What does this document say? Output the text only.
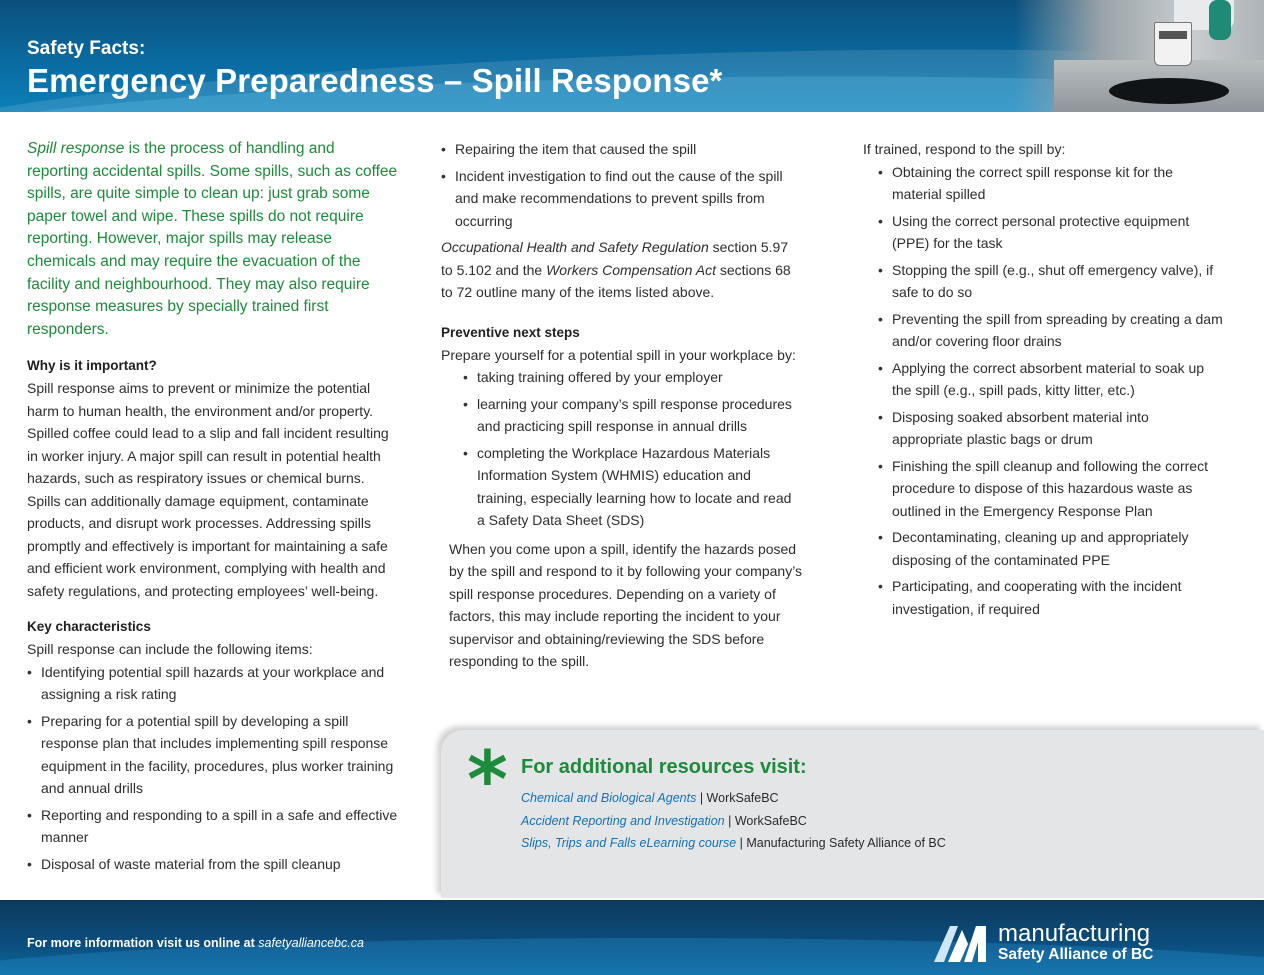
Safety Facts:
Emergency Preparedness – Spill Response*

Spill response is the process of handling and reporting accidental spills. Some spills, such as coffee spills, are quite simple to clean up: just grab some paper towel and wipe. These spills do not require reporting. However, major spills may release chemicals and may require the evacuation of the facility and neighbourhood. They may also require response measures by specially trained first responders.

Why is it important?

Spill response aims to prevent or minimize the potential harm to human health, the environment and/or property. Spilled coffee could lead to a slip and fall incident resulting in worker injury. A major spill can result in potential health hazards, such as respiratory issues or chemical burns. Spills can additionally damage equipment, contaminate products, and disrupt work processes. Addressing spills promptly and effectively is important for maintaining a safe and efficient work environment, complying with health and safety regulations, and protecting employees’ well-being.

Key characteristics

Spill response can include the following items:

• Identifying potential spill hazards at your workplace and assigning a risk rating
• Preparing for a potential spill by developing a spill response plan that includes implementing spill response equipment in the facility, procedures, plus worker training and annual drills
• Reporting and responding to a spill in a safe and effective manner
• Disposal of waste material from the spill cleanup
• Repairing the item that caused the spill
• Incident investigation to find out the cause of the spill and make recommendations to prevent spills from occurring

Occupational Health and Safety Regulation section 5.97 to 5.102 and the Workers Compensation Act sections 68 to 72 outline many of the items listed above.

Preventive next steps

Prepare yourself for a potential spill in your workplace by:

• taking training offered by your employer
• learning your company’s spill response procedures and practicing spill response in annual drills
• completing the Workplace Hazardous Materials Information System (WHMIS) education and training, especially learning how to locate and read a Safety Data Sheet (SDS)

When you come upon a spill, identify the hazards posed by the spill and respond to it by following your company’s spill response procedures. Depending on a variety of factors, this may include reporting the incident to your supervisor and obtaining/reviewing the SDS before responding to the spill.

If trained, respond to the spill by:

• Obtaining the correct spill response kit for the material spilled
• Using the correct personal protective equipment (PPE) for the task
• Stopping the spill (e.g., shut off emergency valve), if safe to do so
• Preventing the spill from spreading by creating a dam and/or covering floor drains
• Applying the correct absorbent material to soak up the spill (e.g., spill pads, kitty litter, etc.)
• Disposing soaked absorbent material into appropriate plastic bags or drum
• Finishing the spill cleanup and following the correct procedure to dispose of this hazardous waste as outlined in the Emergency Response Plan
• Decontaminating, cleaning up and appropriately disposing of the contaminated PPE
• Participating, and cooperating with the incident investigation, if required
* For additional resources visit:
Chemical and Biological Agents | WorkSafeBC
Accident Reporting and Investigation | WorkSafeBC
Slips, Trips and Falls eLearning course | Manufacturing Safety Alliance of BC
For more information visit us online at safetyalliancebc.ca	manufacturing
Safety Alliance of BC
